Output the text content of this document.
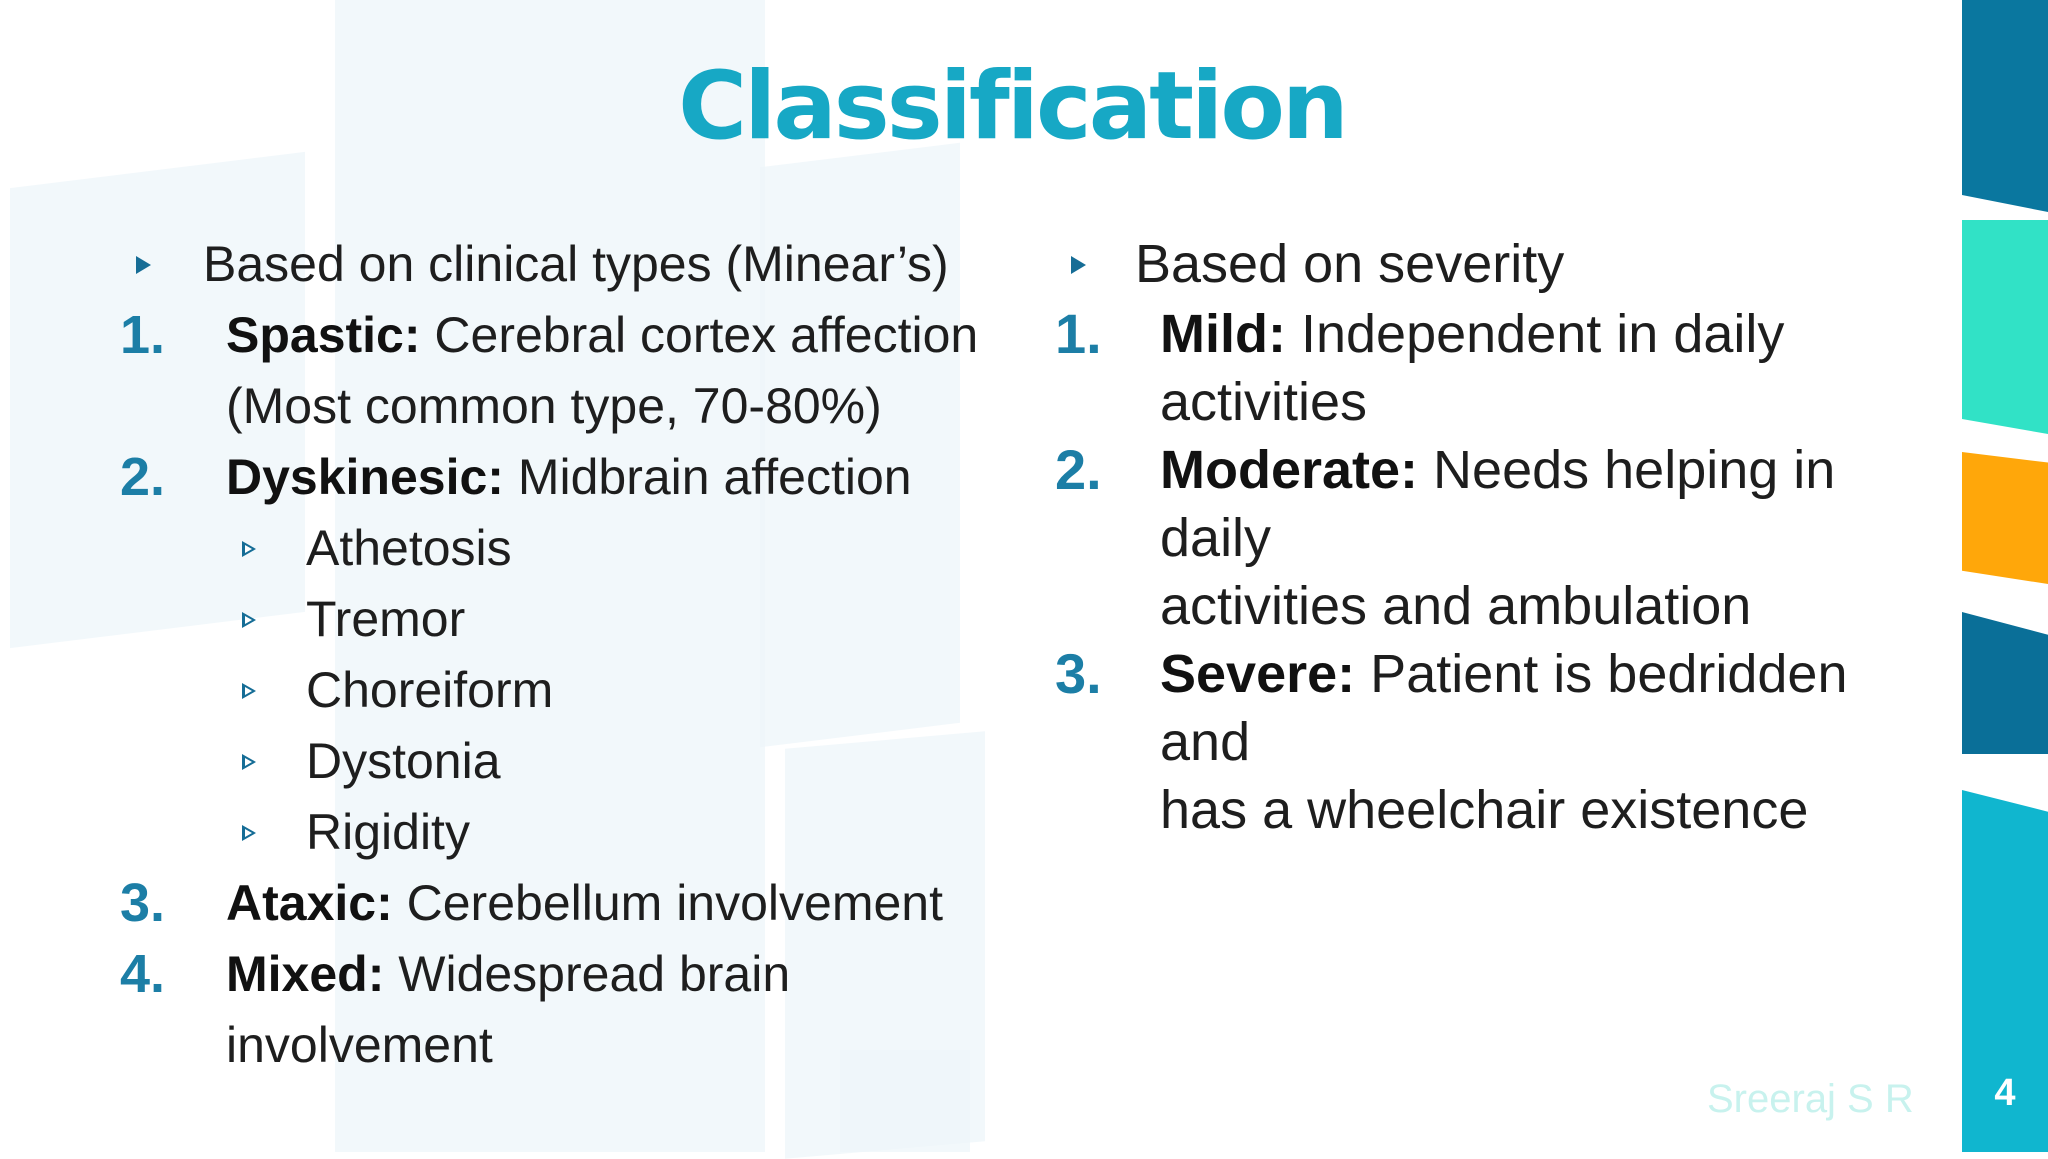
Classification
Based on clinical types (Minear’s)
1. Spastic: Cerebral cortex affection
(Most common type, 70-80%)
2. Dyskinesic: Midbrain affection
Athetosis
Tremor
Choreiform
Dystonia
Rigidity
3. Ataxic: Cerebellum involvement
4. Mixed: Widespread brain involvement
Based on severity
1. Mild: Independent in daily
activities
2. Moderate: Needs helping in daily
activities and ambulation
3. Severe: Patient is bedridden and
has a wheelchair existence
Sreeraj S R	4
